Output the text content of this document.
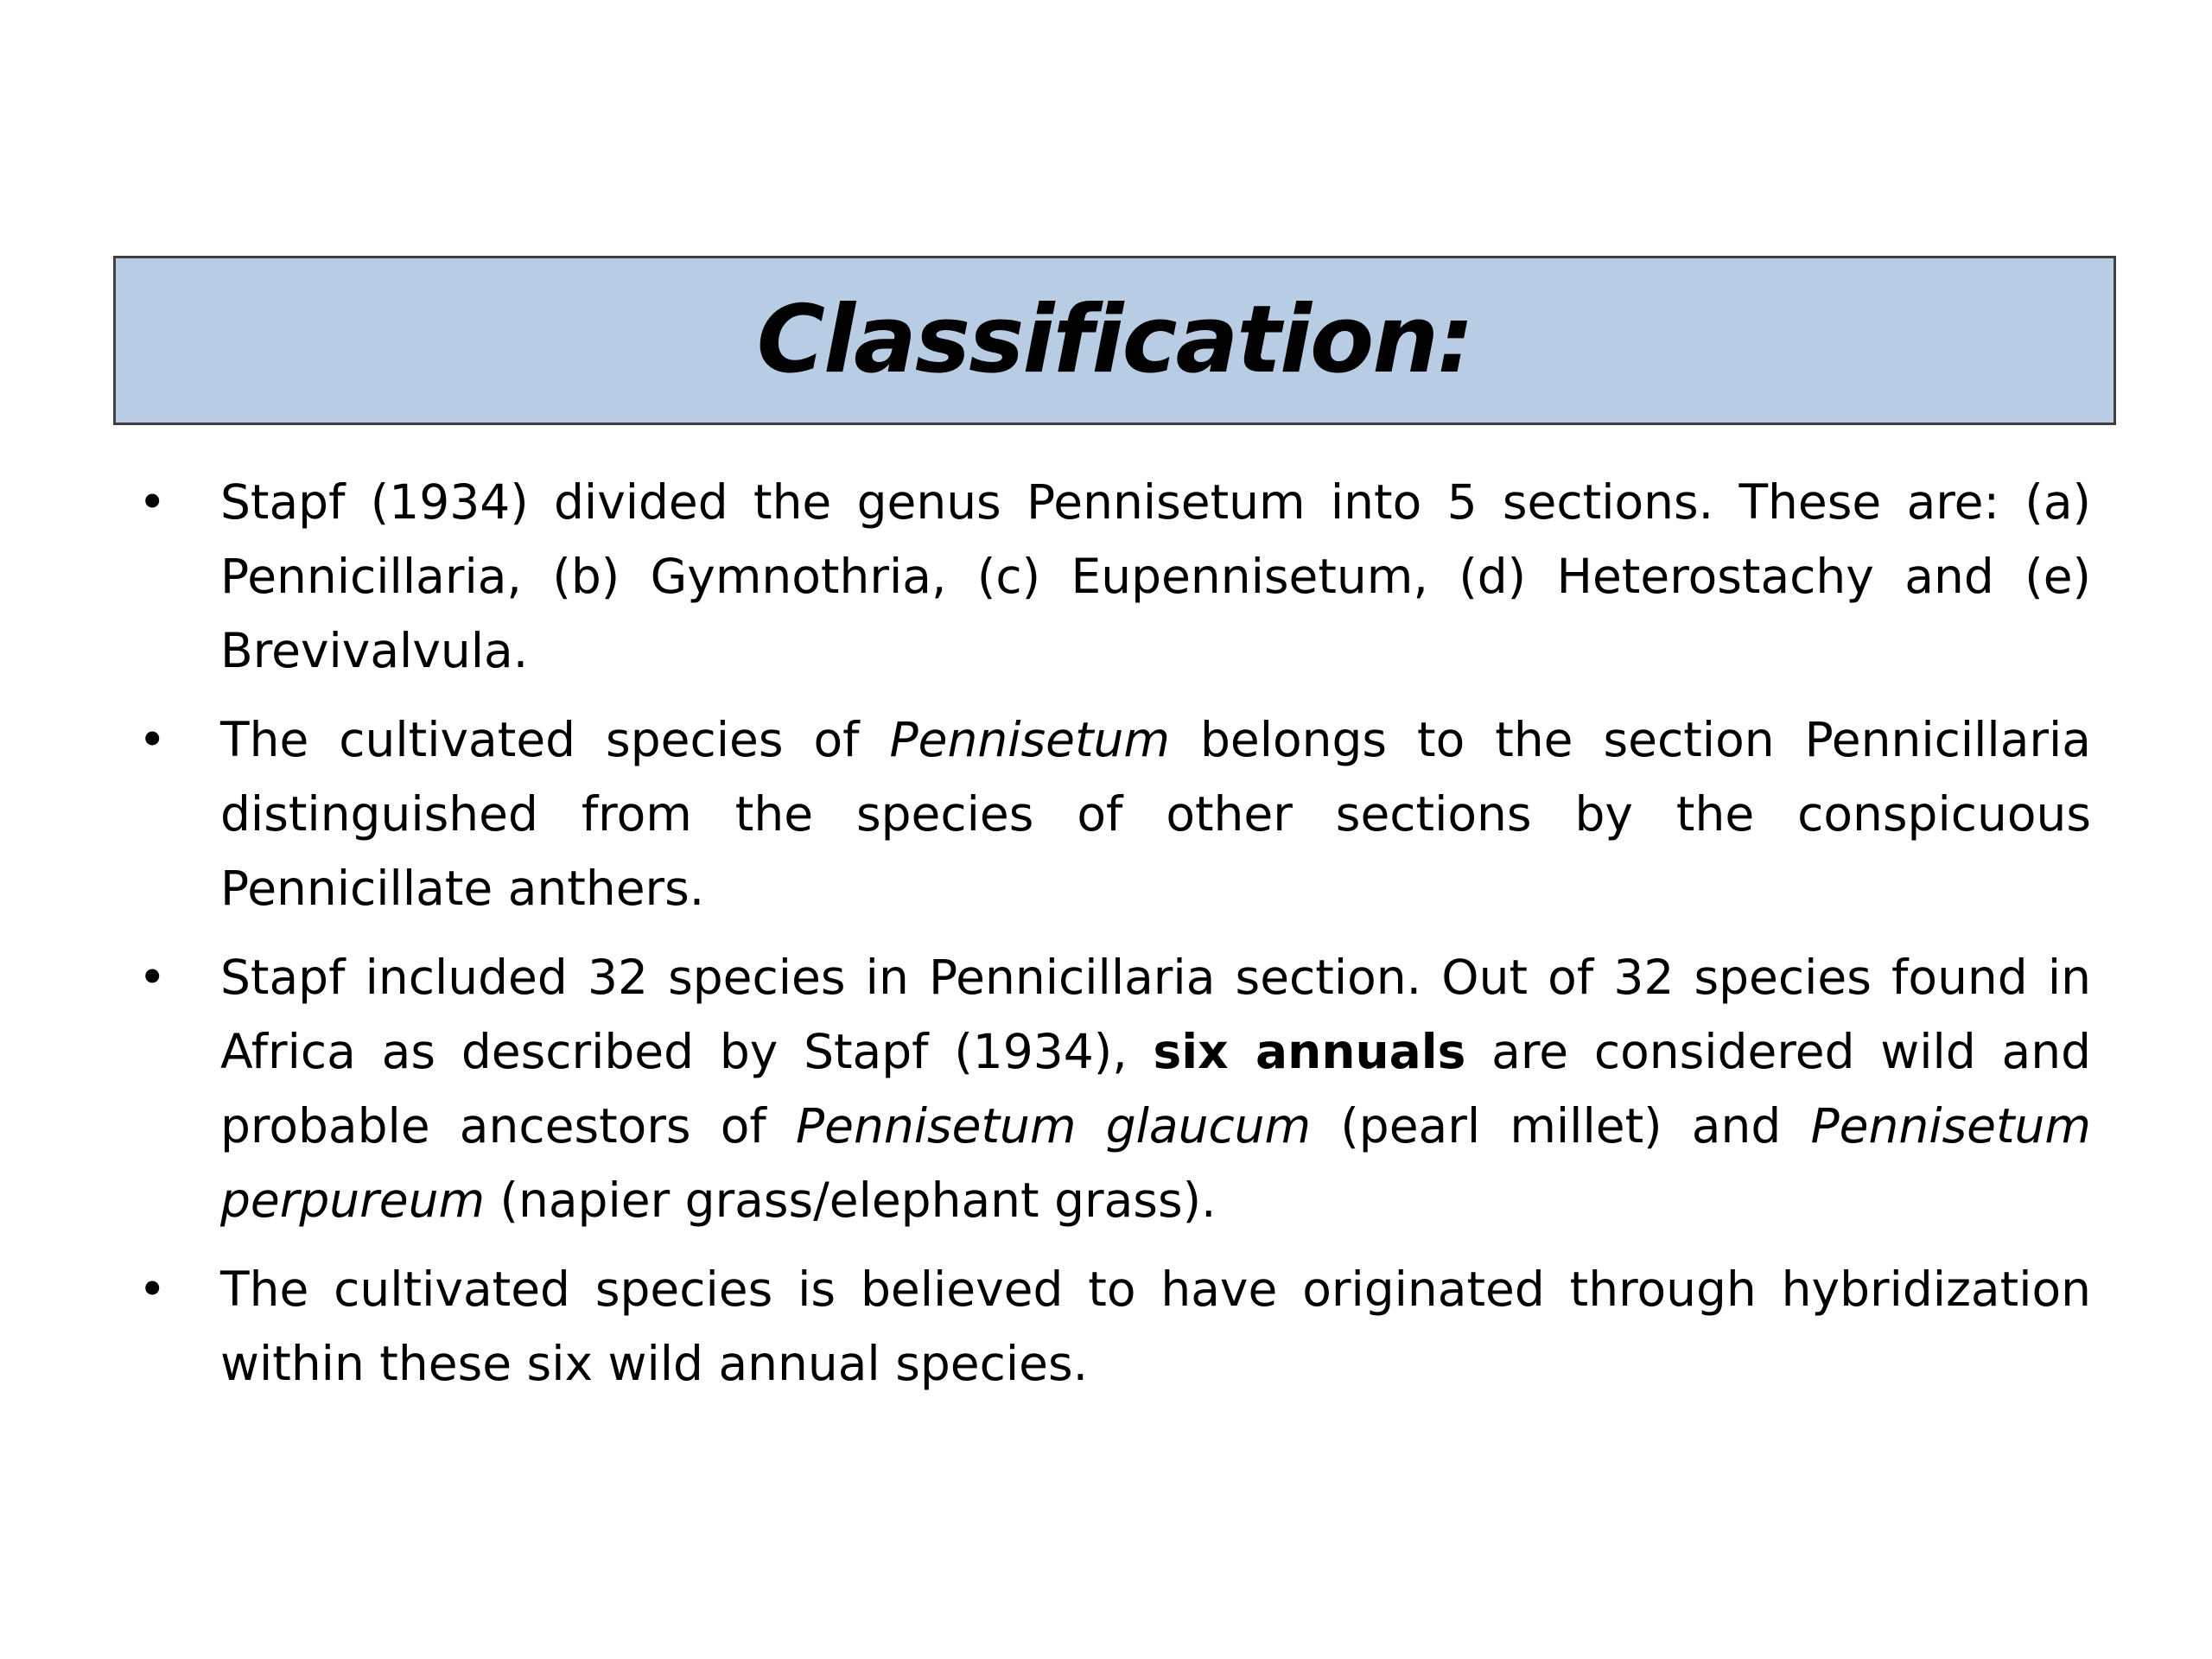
Classification:
• Stapf (1934) divided the genus Pennisetum into 5 sections. These are: (a) Pennicillaria, (b) Gymnothria, (c) Eupennisetum, (d) Heterostachy and (e) Brevivalvula.
• The cultivated species of Pennisetum belongs to the section Pennicillaria distinguished from the species of other sections by the conspicuous Pennicillate anthers.
• Stapf included 32 species in Pennicillaria section. Out of 32 species found in Africa as described by Stapf (1934), six annuals are considered wild and probable ancestors of Pennisetum glaucum (pearl millet) and Pennisetum perpureum (napier grass/elephant grass).
• The cultivated species is believed to have originated through hybridization within these six wild annual species.
